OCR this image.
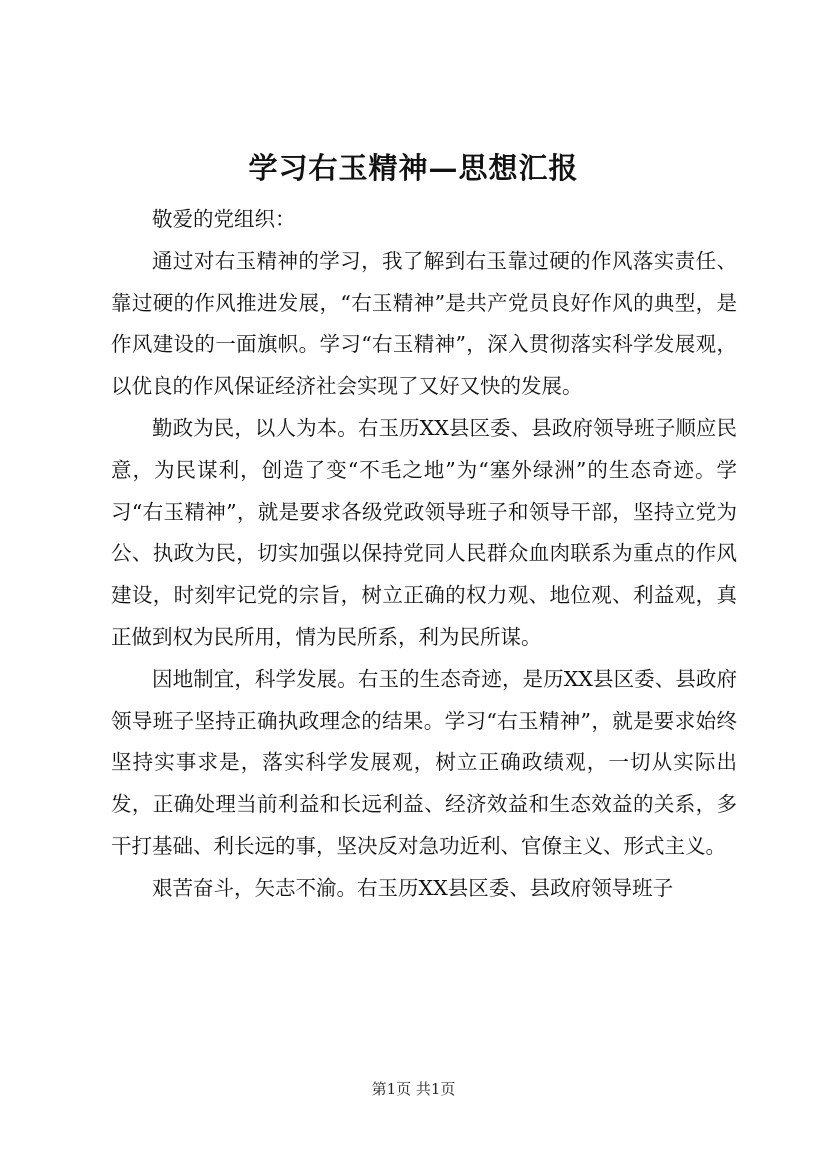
学习右玉精神—思想汇报

敬爱的党组织：

通过对右玉精神的学习，我了解到右玉靠过硬的作风落实责任、靠过硬的作风推进发展，“右玉精神”是共产党员良好作风的典型，是作风建设的一面旗帜。学习“右玉精神”，深入贯彻落实科学发展观，以优良的作风保证经济社会实现了又好又快的发展。

勤政为民，以人为本。右玉历XX县区委、县政府领导班子顺应民意，为民谋利，创造了变“不毛之地”为“塞外绿洲”的生态奇迹。学习“右玉精神”，就是要求各级党政领导班子和领导干部，坚持立党为公、执政为民，切实加强以保持党同人民群众血肉联系为重点的作风建设，时刻牢记党的宗旨，树立正确的权力观、地位观、利益观，真正做到权为民所用，情为民所系，利为民所谋。

因地制宜，科学发展。右玉的生态奇迹，是历XX县区委、县政府领导班子坚持正确执政理念的结果。学习“右玉精神”，就是要求始终坚持实事求是，落实科学发展观，树立正确政绩观，一切从实际出发，正确处理当前利益和长远利益、经济效益和生态效益的关系，多干打基础、利长远的事，坚决反对急功近利、官僚主义、形式主义。

艰苦奋斗，矢志不渝。右玉历XX县区委、县政府领导班子

第1页 共1页
